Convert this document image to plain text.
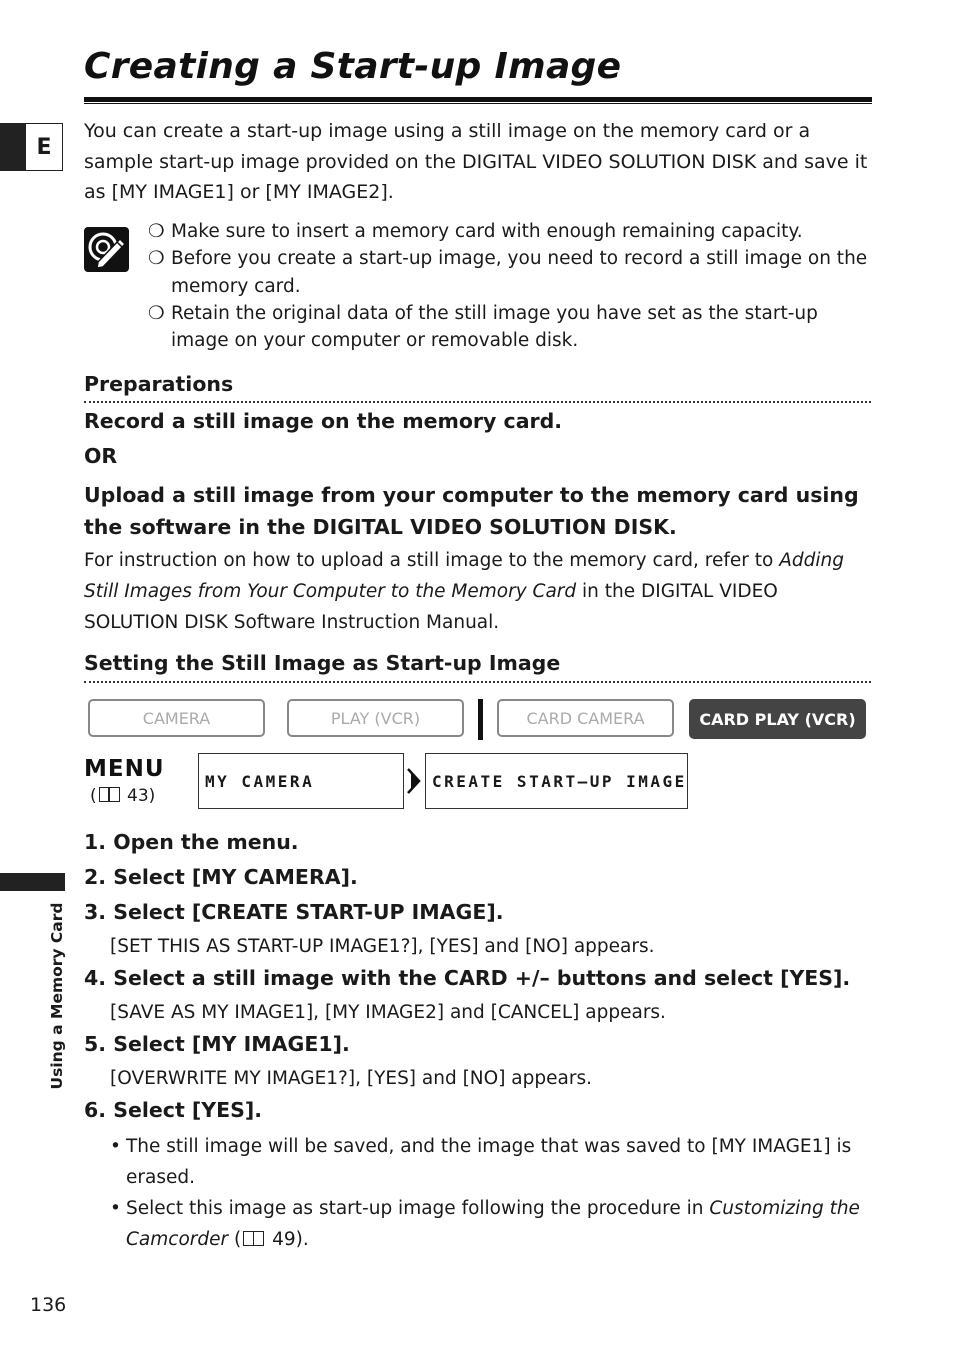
Creating a Start-up Image
E
You can create a start-up image using a still image on the memory card or a sample start-up image provided on the DIGITAL VIDEO SOLUTION DISK and save it as [MY IMAGE1] or [MY IMAGE2].
❍ Make sure to insert a memory card with enough remaining capacity.
❍ Before you create a start-up image, you need to record a still image on the memory card.
❍ Retain the original data of the still image you have set as the start-up image on your computer or removable disk.
Preparations
Record a still image on the memory card.
OR
Upload a still image from your computer to the memory card using the software in the DIGITAL VIDEO SOLUTION DISK.
For instruction on how to upload a still image to the memory card, refer to Adding Still Images from Your Computer to the Memory Card in the DIGITAL VIDEO SOLUTION DISK Software Instruction Manual.
Setting the Still Image as Start-up Image
CAMERA	PLAY (VCR)	CARD CAMERA	CARD PLAY (VCR)
MENU
( 43)
MY CAMERA	CREATE START–UP IMAGE
1. Open the menu.
2. Select [MY CAMERA].
3. Select [CREATE START-UP IMAGE].
[SET THIS AS START-UP IMAGE1?], [YES] and [NO] appears.
4. Select a still image with the CARD +/– buttons and select [YES].
[SAVE AS MY IMAGE1], [MY IMAGE2] and [CANCEL] appears.
5. Select [MY IMAGE1].
[OVERWRITE MY IMAGE1?], [YES] and [NO] appears.
6. Select [YES].
• The still image will be saved, and the image that was saved to [MY IMAGE1] is erased.
• Select this image as start-up image following the procedure in Customizing the Camcorder ( 49).
Using a Memory Card
136
